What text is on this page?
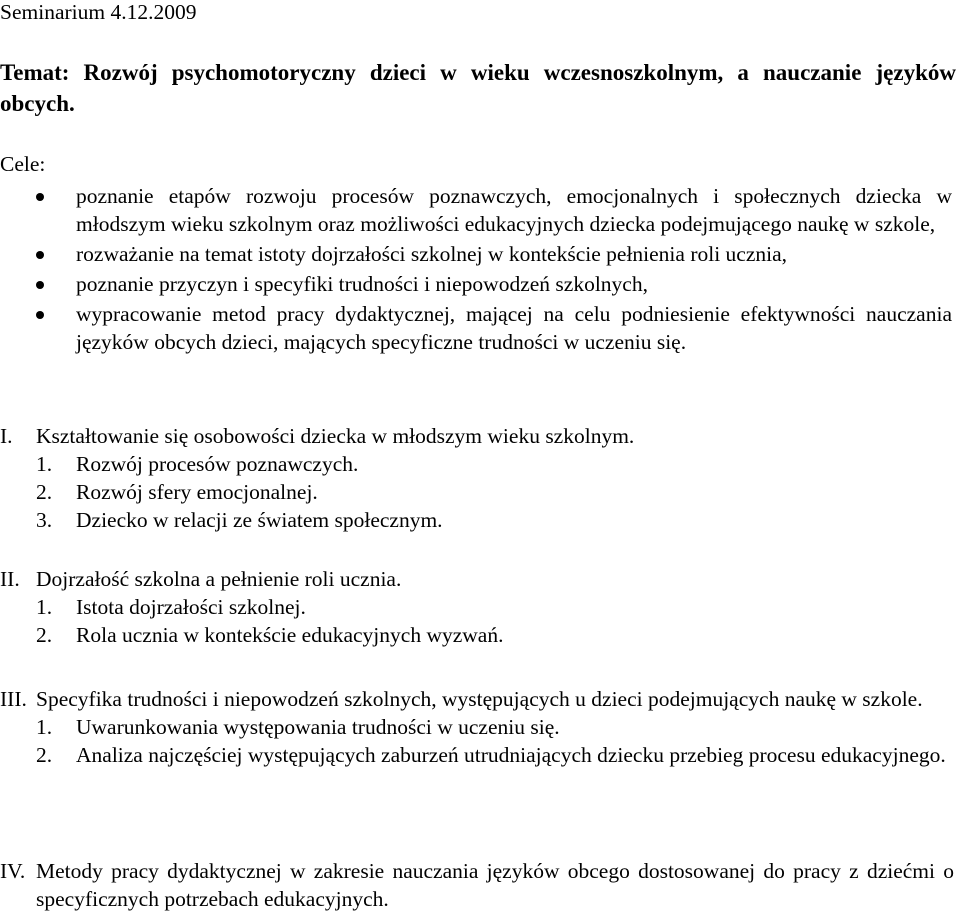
Seminarium 4.12.2009
Temat: Rozwój psychomotoryczny dzieci w wieku wczesnoszkolnym, a nauczanie języków obcych.
Cele:
poznanie etapów rozwoju procesów poznawczych, emocjonalnych i społecznych dziecka w młodszym wieku szkolnym oraz możliwości edukacyjnych dziecka podejmującego naukę w szkole,
rozważanie na temat istoty dojrzałości szkolnej w kontekście pełnienia roli ucznia,
poznanie przyczyn i specyfiki trudności i niepowodzeń szkolnych,
wypracowanie metod pracy dydaktycznej, mającej na celu podniesienie efektywności nauczania języków obcych dzieci, mających specyficzne trudności w uczeniu się.
I. Kształtowanie się osobowości dziecka w młodszym wieku szkolnym.
1. Rozwój procesów poznawczych.
2. Rozwój sfery emocjonalnej.
3. Dziecko w relacji ze światem społecznym.
II. Dojrzałość szkolna a pełnienie roli ucznia.
1. Istota dojrzałości szkolnej.
2. Rola ucznia w kontekście edukacyjnych wyzwań.
III. Specyfika trudności i niepowodzeń szkolnych, występujących u dzieci podejmujących naukę w szkole.
1. Uwarunkowania występowania trudności w uczeniu się.
2. Analiza najczęściej występujących zaburzeń utrudniających dziecku przebieg procesu edukacyjnego.
IV. Metody pracy dydaktycznej w zakresie nauczania języków obcego dostosowanej do pracy z dziećmi o specyficznych potrzebach edukacyjnych.
